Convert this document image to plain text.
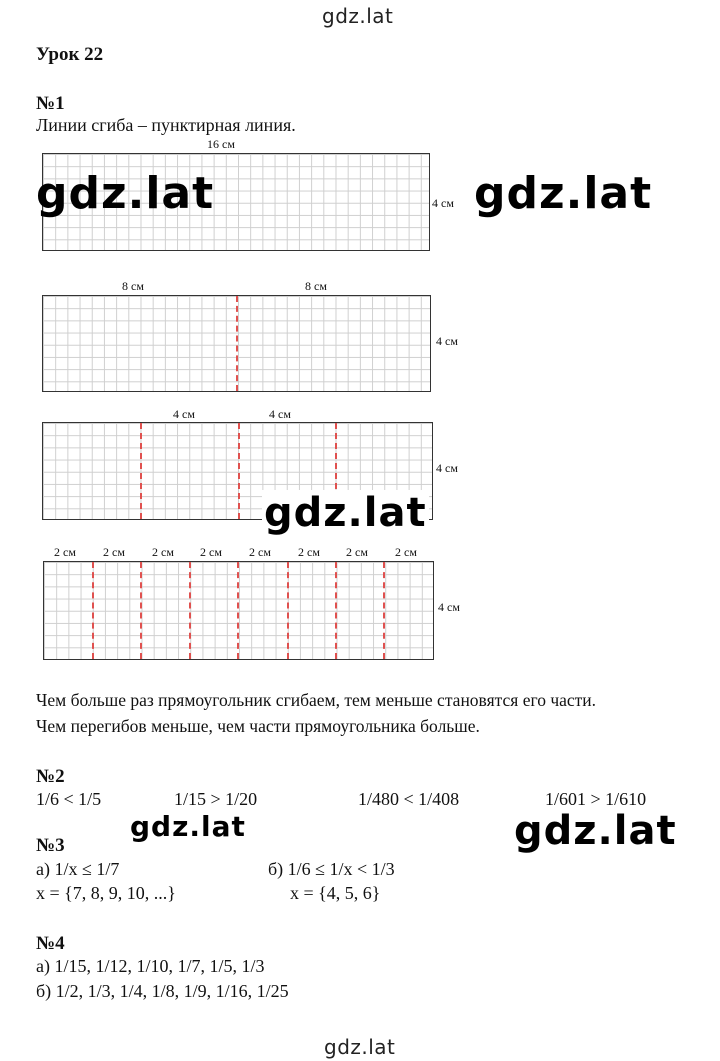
gdz.lat
Урок 22
№1
Линии сгиба – пунктирная линия.
16 см
4 см
8 см	8 см
4 см
4 см	4 см
4 см
2 см 2 см 2 см 2 см 2 см 2 см 2 см 2 см
4 см
Чем больше раз прямоугольник сгибаем, тем меньше становятся его части.
Чем перегибов меньше, чем части прямоугольника больше.
№2
1/6 < 1/5	1/15 > 1/20	1/480 < 1/408	1/601 > 1/610
№3
а) 1/x ≤ 1/7
x = {7, 8, 9, 10, ...}
б) 1/6 ≤ 1/x < 1/3
x = {4, 5, 6}
№4
а) 1/15, 1/12, 1/10, 1/7, 1/5, 1/3
б) 1/2, 1/3, 1/4, 1/8, 1/9, 1/16, 1/25
gdz.lat
gdz.lat	gdz.lat
gdz.lat
gdz.lat	gdz.lat
